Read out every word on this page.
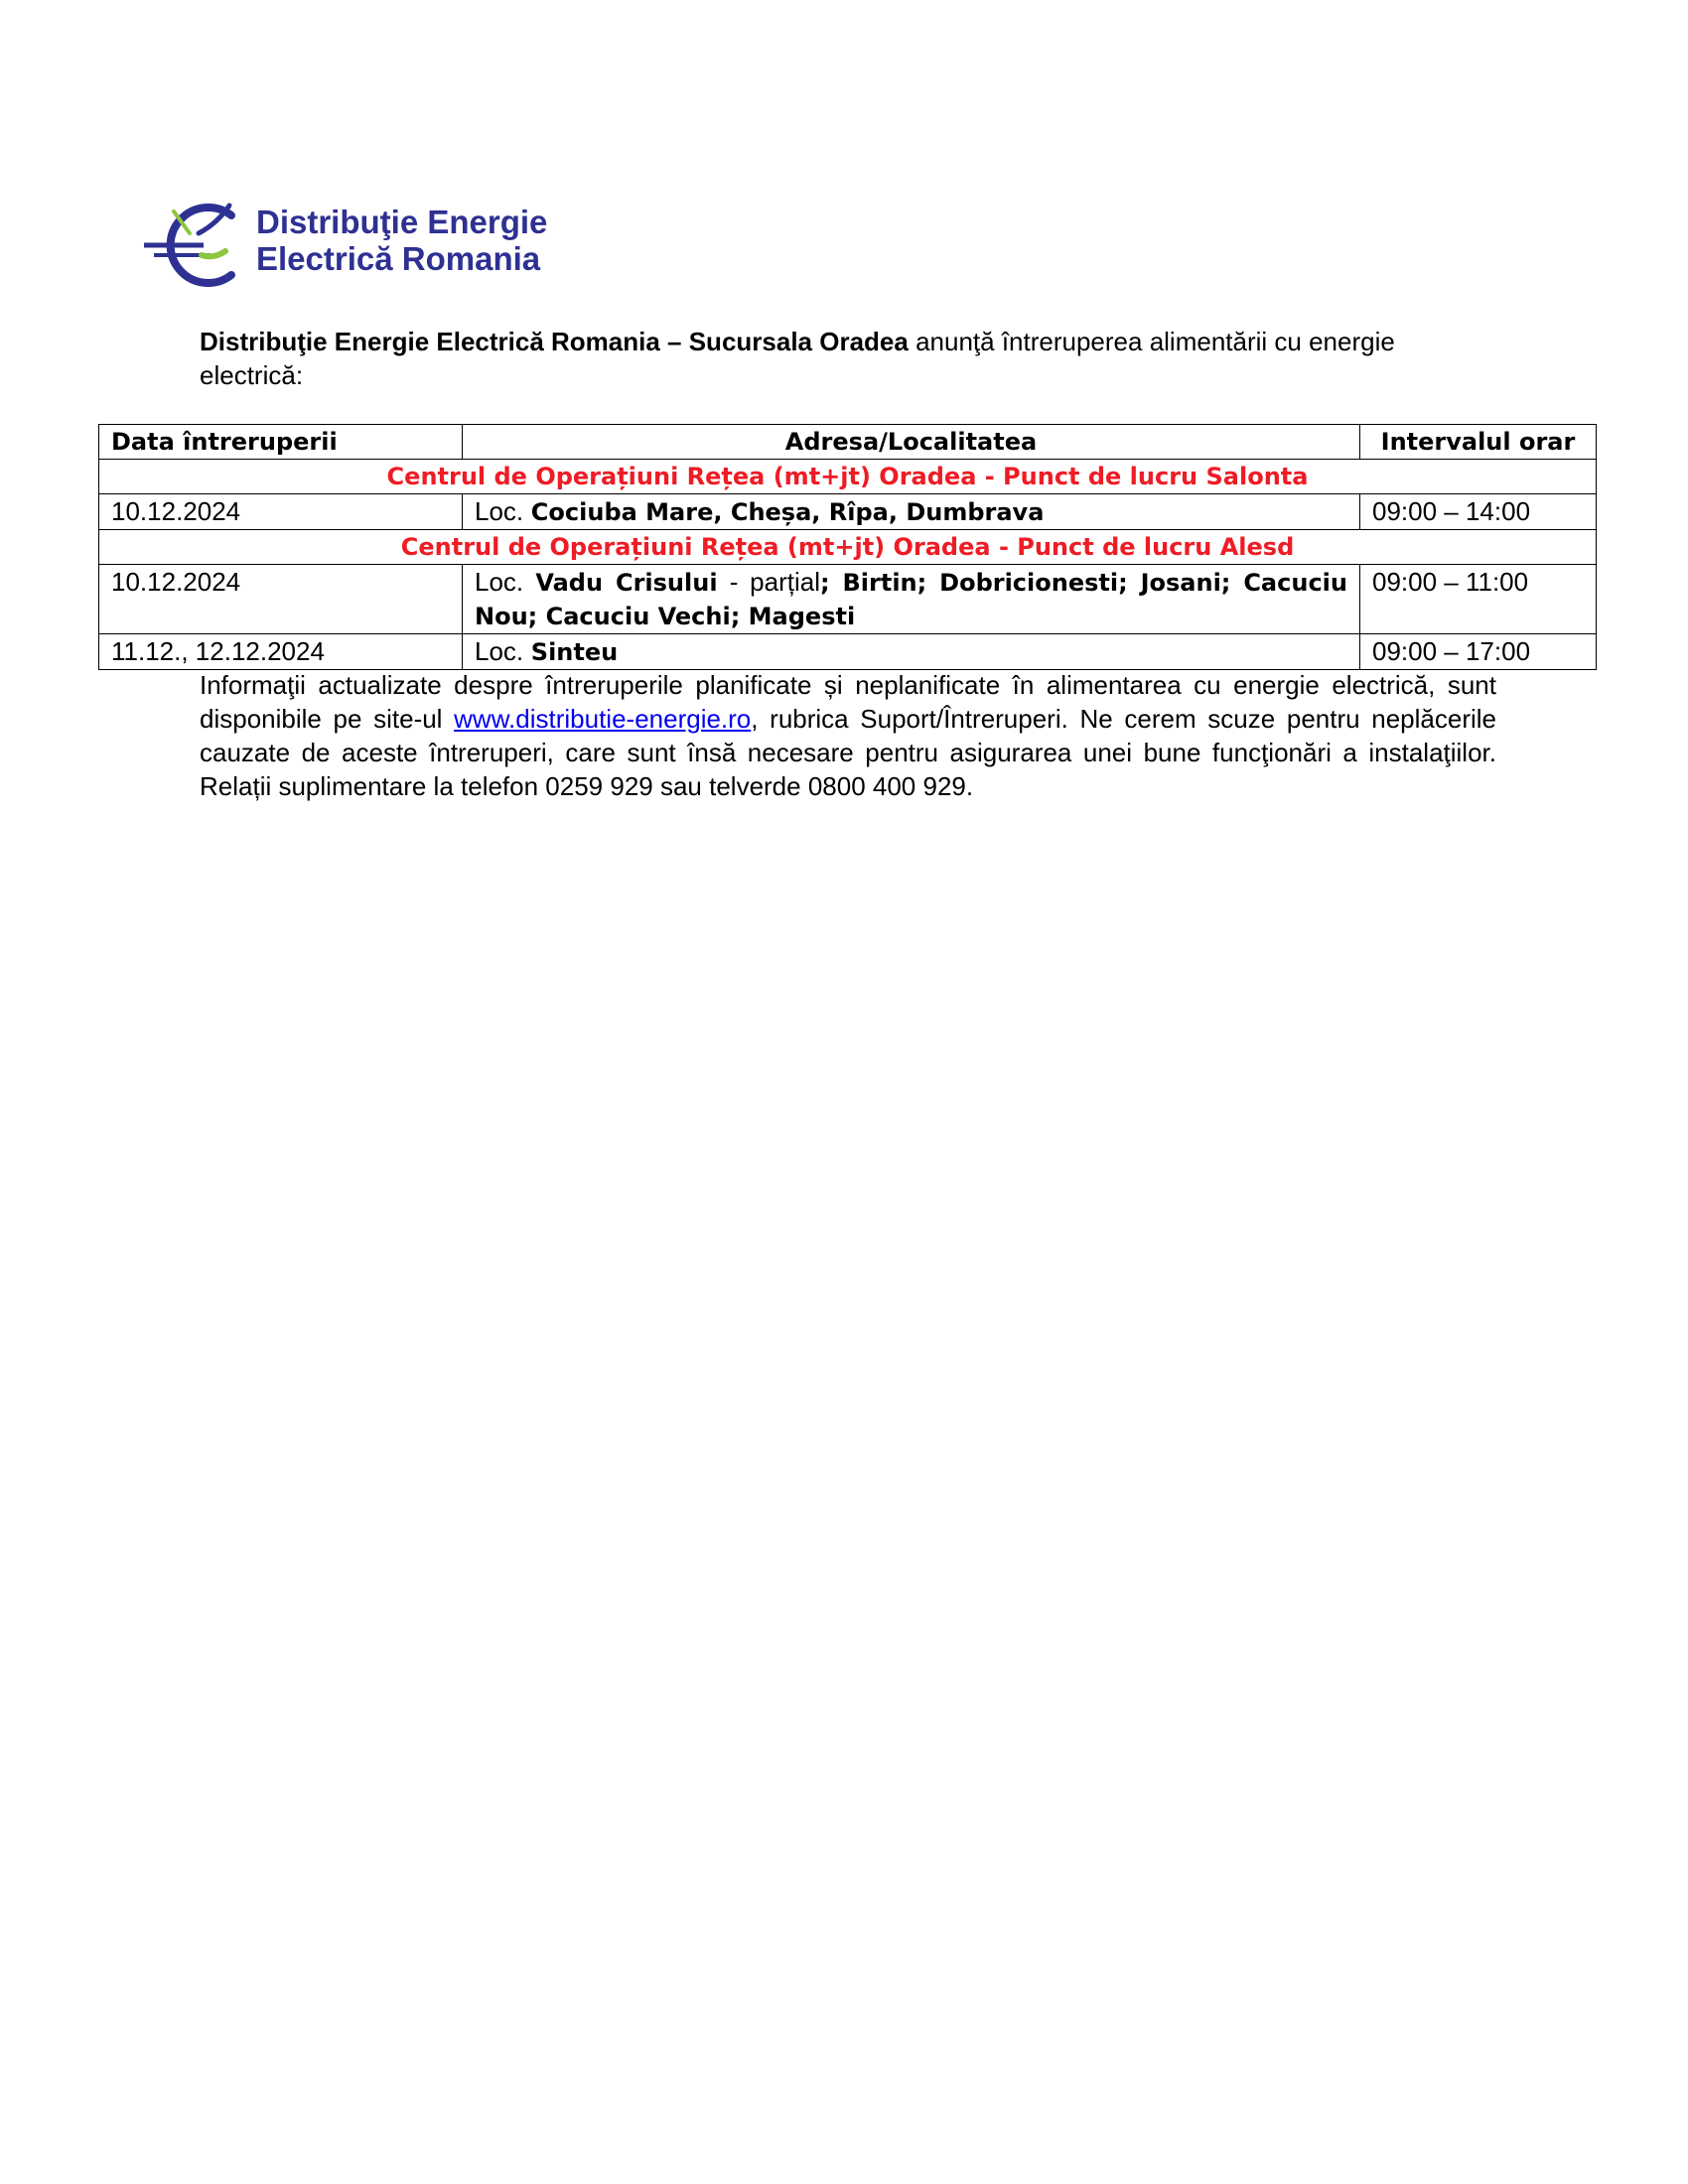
Distribuţie Energie
Electrică Romania
Distribuţie Energie Electrică Romania – Sucursala Oradea anunţă întreruperea alimentării cu energie electrică:
Data întreruperii	Adresa/Localitatea	Intervalul orar
Centrul de Operațiuni Rețea (mt+jt) Oradea - Punct de lucru Salonta		
10.12.2024	Loc. Cociuba Mare, Cheșa, Rîpa, Dumbrava	09:00 – 14:00
Centrul de Operațiuni Rețea (mt+jt) Oradea - Punct de lucru Alesd		
10.12.2024	Loc. Vadu Crisului - parțial; Birtin; Dobricionesti; Josani; Cacuciu Nou; Cacuciu Vechi; Magesti	09:00 – 11:00
11.12., 12.12.2024	Loc. Sinteu	09:00 – 17:00
Informaţii actualizate despre întreruperile planificate și neplanificate în alimentarea cu energie electrică, sunt disponibile pe site-ul www.distributie-energie.ro, rubrica Suport/Întreruperi. Ne cerem scuze pentru neplăcerile cauzate de aceste întreruperi, care sunt însă necesare pentru asigurarea unei bune funcţionări a instalaţiilor. Relații suplimentare la telefon 0259 929 sau telverde 0800 400 929.
